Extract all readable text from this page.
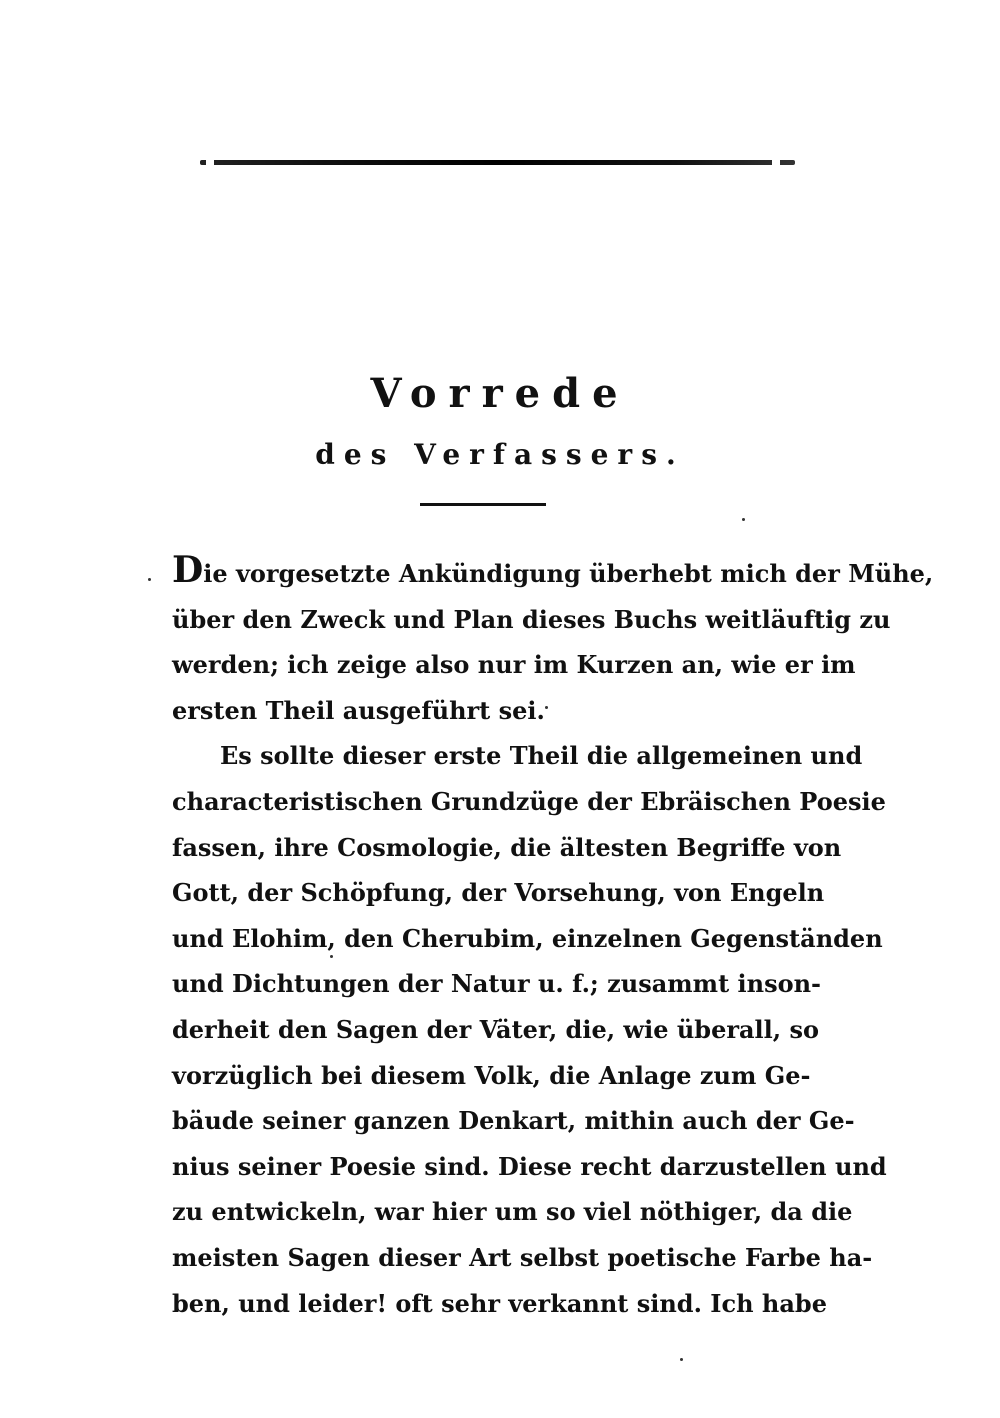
Vorrede
des Verfassers.
Die vorgesetzte Ankündigung überhebt mich der Mühe,
über den Zweck und Plan dieses Buchs weitläuftig zu
werden; ich zeige also nur im Kurzen an, wie er im
ersten Theil ausgeführt sei.
Es sollte dieser erste Theil die allgemeinen und
characteristischen Grundzüge der Ebräischen Poesie
fassen, ihre Cosmologie, die ältesten Begriffe von
Gott, der Schöpfung, der Vorsehung, von Engeln
und Elohim, den Cherubim, einzelnen Gegenständen
und Dichtungen der Natur u. f.; zusammt inson-
derheit den Sagen der Väter, die, wie überall, so
vorzüglich bei diesem Volk, die Anlage zum Ge-
bäude seiner ganzen Denkart, mithin auch der Ge-
nius seiner Poesie sind. Diese recht darzustellen und
zu entwickeln, war hier um so viel nöthiger, da die
meisten Sagen dieser Art selbst poetische Farbe ha-
ben, und leider! oft sehr verkannt sind. Ich habe
